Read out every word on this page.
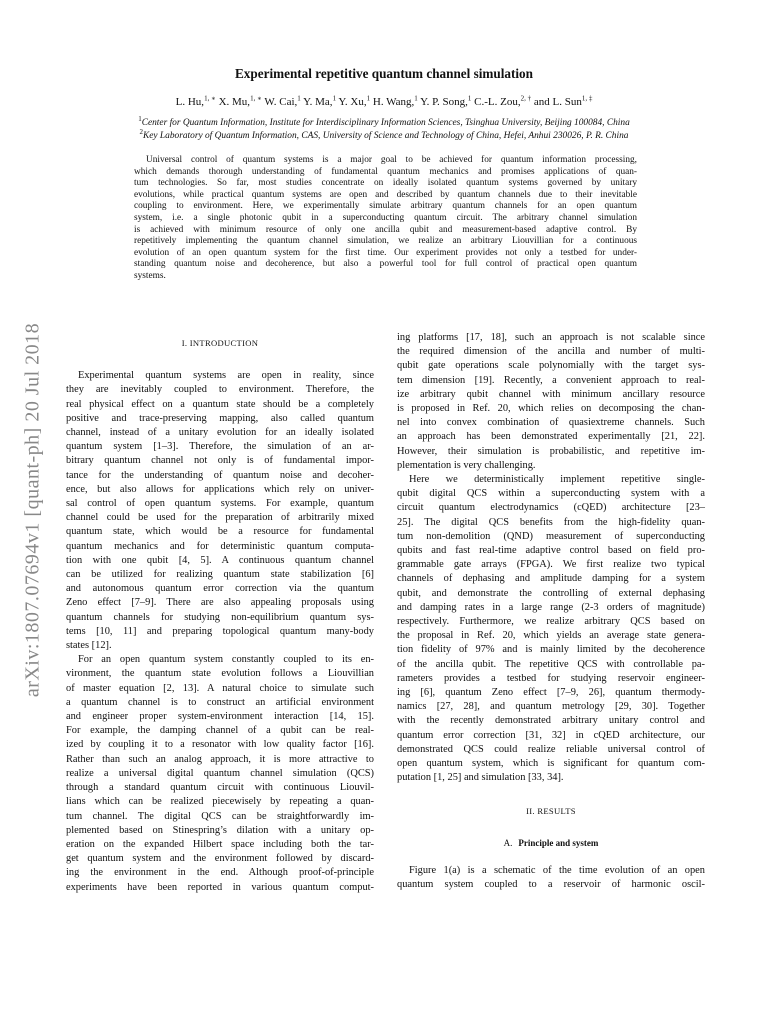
arXiv:1807.07694v1 [quant-ph] 20 Jul 2018
Experimental repetitive quantum channel simulation
L. Hu,$^{1, ∗}$ X. Mu,$^{1, ∗}$ W. Cai,$^1$ Y. Ma,$^1$ Y. Xu,$^1$ H. Wang,$^1$ Y. P. Song,$^1$ C.-L. Zou,$^{2, \dagger}$ and L. Sun$^{1, \ddagger}$
$^1$Center for Quantum Information, Institute for Interdisciplinary Information Sciences, Tsinghua University, Beijing 100084, China
$^2$Key Laboratory of Quantum Information, CAS, University of Science and Technology of China, Hefei, Anhui 230026, P. R. China
Universal control of quantum systems is a major goal to be achieved for quantum information processing,
which demands thorough understanding of fundamental quantum mechanics and promises applications of quan-
tum technologies. So far, most studies concentrate on ideally isolated quantum systems governed by unitary
evolutions, while practical quantum systems are open and described by quantum channels due to their inevitable
coupling to environment. Here, we experimentally simulate arbitrary quantum channels for an open quantum
system, i.e. a single photonic qubit in a superconducting quantum circuit. The arbitrary channel simulation
is achieved with minimum resource of only one ancilla qubit and measurement-based adaptive control. By
repetitively implementing the quantum channel simulation, we realize an arbitrary Liouvillian for a continuous
evolution of an open quantum system for the first time. Our experiment provides not only a testbed for under-
standing quantum noise and decoherence, but also a powerful tool for full control of practical open quantum
systems.
I. INTRODUCTION
Experimental quantum systems are open in reality, since
they are inevitably coupled to environment. Therefore, the
real physical effect on a quantum state should be a completely
positive and trace-preserving mapping, also called quantum
channel, instead of a unitary evolution for an ideally isolated
quantum system [1–3]. Therefore, the simulation of an ar-
bitrary quantum channel not only is of fundamental impor-
tance for the understanding of quantum noise and decoher-
ence, but also allows for applications which rely on univer-
sal control of open quantum systems. For example, quantum
channel could be used for the preparation of arbitrarily mixed
quantum state, which would be a resource for fundamental
quantum mechanics and for deterministic quantum computa-
tion with one qubit [4, 5]. A continuous quantum channel
can be utilized for realizing quantum state stabilization [6]
and autonomous quantum error correction via the quantum
Zeno effect [7–9]. There are also appealing proposals using
quantum channels for studying non-equilibrium quantum sys-
tems [10, 11] and preparing topological quantum many-body
states [12].
For an open quantum system constantly coupled to its en-
vironment, the quantum state evolution follows a Liouvillian
of master equation [2, 13]. A natural choice to simulate such
a quantum channel is to construct an artificial environment
and engineer proper system-environment interaction [14, 15].
For example, the damping channel of a qubit can be real-
ized by coupling it to a resonator with low quality factor [16].
Rather than such an analog approach, it is more attractive to
realize a universal digital quantum channel simulation (QCS)
through a standard quantum circuit with continuous Liouvil-
lians which can be realized piecewisely by repeating a quan-
tum channel. The digital QCS can be straightforwardly im-
plemented based on Stinespring’s dilation with a unitary op-
eration on the expanded Hilbert space including both the tar-
get quantum system and the environment followed by discard-
ing the environment in the end. Although proof-of-principle
experiments have been reported in various quantum comput-
ing platforms [17, 18], such an approach is not scalable since
the required dimension of the ancilla and number of multi-
qubit gate operations scale polynomially with the target sys-
tem dimension [19]. Recently, a convenient approach to real-
ize arbitrary qubit channel with minimum ancillary resource
is proposed in Ref. 20, which relies on decomposing the chan-
nel into convex combination of quasiextreme channels. Such
an approach has been demonstrated experimentally [21, 22].
However, their simulation is probabilistic, and repetitive im-
plementation is very challenging.
Here we deterministically implement repetitive single-
qubit digital QCS within a superconducting system with a
circuit quantum electrodynamics (cQED) architecture [23–
25]. The digital QCS benefits from the high-fidelity quan-
tum non-demolition (QND) measurement of superconducting
qubits and fast real-time adaptive control based on field pro-
grammable gate arrays (FPGA). We first realize two typical
channels of dephasing and amplitude damping for a system
qubit, and demonstrate the controlling of external dephasing
and damping rates in a large range (2-3 orders of magnitude)
respectively. Furthermore, we realize arbitrary QCS based on
the proposal in Ref. 20, which yields an average state genera-
tion fidelity of 97% and is mainly limited by the decoherence
of the ancilla qubit. The repetitive QCS with controllable pa-
rameters provides a testbed for studying reservoir engineer-
ing [6], quantum Zeno effect [7–9, 26], quantum thermody-
namics [27, 28], and quantum metrology [29, 30]. Together
with the recently demonstrated arbitrary unitary control and
quantum error correction [31, 32] in cQED architecture, our
demonstrated QCS could realize reliable universal control of
open quantum system, which is significant for quantum com-
putation [1, 25] and simulation [33, 34].
II. RESULTS
A. Principle and system
Figure 1(a) is a schematic of the time evolution of an open
quantum system coupled to a reservoir of harmonic oscil-
